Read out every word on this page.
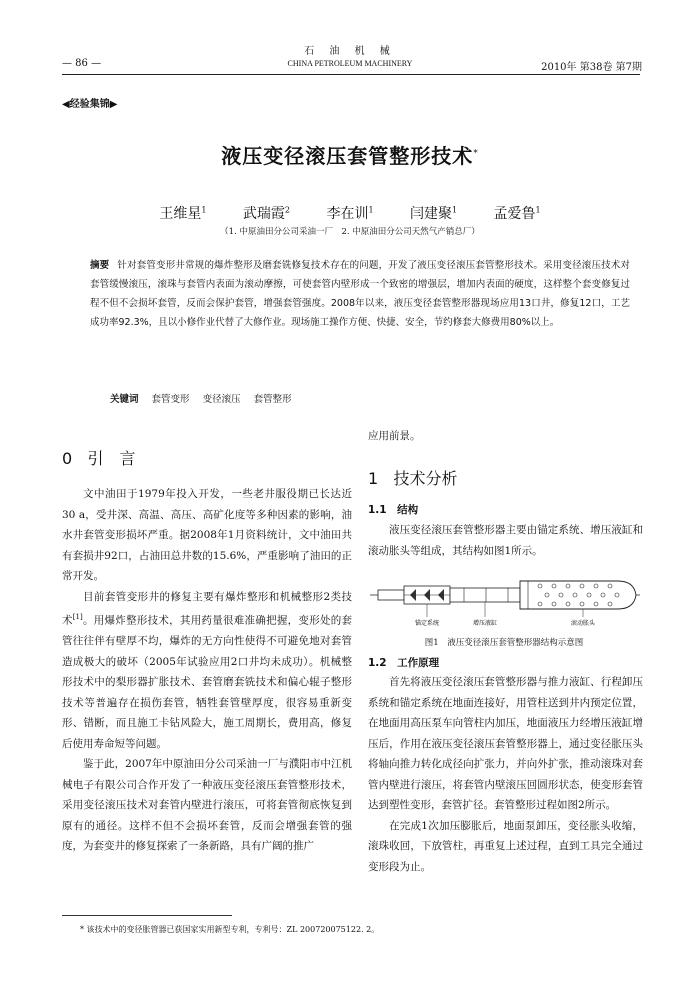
石 油 机 械
— 86 —	CHINA PETROLEUM MACHINERY	2010年 第38卷 第7期
◀经验集锦▶
液压变径滚压套管整形技术*
王维星$^1$	武瑞霞$^2$	李在训$^1$	闫建聚$^1$	孟爱鲁$^1$
（1. 中原油田分公司采油一厂　2. 中原油田分公司天然气产销总厂）
摘要 针对套管变形井常规的爆炸整形及磨套铣修复技术存在的问题，开发了液压变径滚压套管整形技术。采用变径滚压技术对套管缓慢滚压，滚珠与套管内表面为滚动摩擦，可使套管内壁形成一个致密的增强层，增加内表面的硬度，这样整个套变修复过程不但不会损坏套管，反而会保护套管，增强套管强度。2008年以来，液压变径套管整形器现场应用13口井，修复12口，工艺成功率92.3%，且以小修作业代替了大修作业。现场施工操作方便、快捷、安全，节约修套大修费用80%以上。
关键词 套管变形 变径滚压 套管整形
0 引　言

文中油田于1979年投入开发，一些老井服役期已长达近30 a，受井深、高温、高压、高矿化度等多种因素的影响，油水井套管变形损坏严重。据2008年1月资料统计，文中油田共有套损井92口，占油田总井数的15.6%，严重影响了油田的正常开发。

目前套管变形井的修复主要有爆炸整形和机械整形2类技术[1]。用爆炸整形技术，其用药量很难准确把握，变形处的套管往往伴有壁厚不均，爆炸的无方向性使得不可避免地对套管造成极大的破坏（2005年试验应用2口井均未成功）。机械整形技术中的梨形器扩胀技术、套管磨套铣技术和偏心辊子整形技术等普遍存在损伤套管，牺牲套管壁厚度，很容易重新变形、错断，而且施工卡钻风险大，施工周期长，费用高，修复后使用寿命短等问题。

鉴于此，2007年中原油田分公司采油一厂与濮阳市中江机械电子有限公司合作开发了一种液压变径滚压套管整形技术，采用变径滚压技术对套管内壁进行滚压，可将套管彻底恢复到原有的通径。这样不但不会损坏套管，反而会增强套管的强度，为套变井的修复探索了一条新路，具有广阔的推广

应用前景。
1 技术分析
1.1　结构

液压变径滚压套管整形器主要由锚定系统、增压液缸和滚动胀头等组成，其结构如图1所示。

锚定系统	增压液缸	滚动胀头
图1　液压变径滚压套管整形器结构示意图
1.2　工作原理

首先将液压变径滚压套管整形器与推力液缸、行程卸压系统和锚定系统在地面连接好，用管柱送到井内预定位置，在地面用高压泵车向管柱内加压，地面液压力经增压液缸增压后，作用在液压变径滚压套管整形器上，通过变径胀压头将轴向推力转化成径向扩张力，并向外扩张，推动滚珠对套管内壁进行滚压，将套管内壁滚压回圆形状态，使变形套管达到塑性变形，套管扩径。套管整形过程如图2所示。

在完成1次加压膨胀后，地面泵卸压，变径胀头收缩，滚珠收回，下放管柱，再重复上述过程，直到工具完全通过变形段为止。

* 该技术中的变径胀管器已获国家实用新型专利，专利号：ZL 200720075122. 2。
